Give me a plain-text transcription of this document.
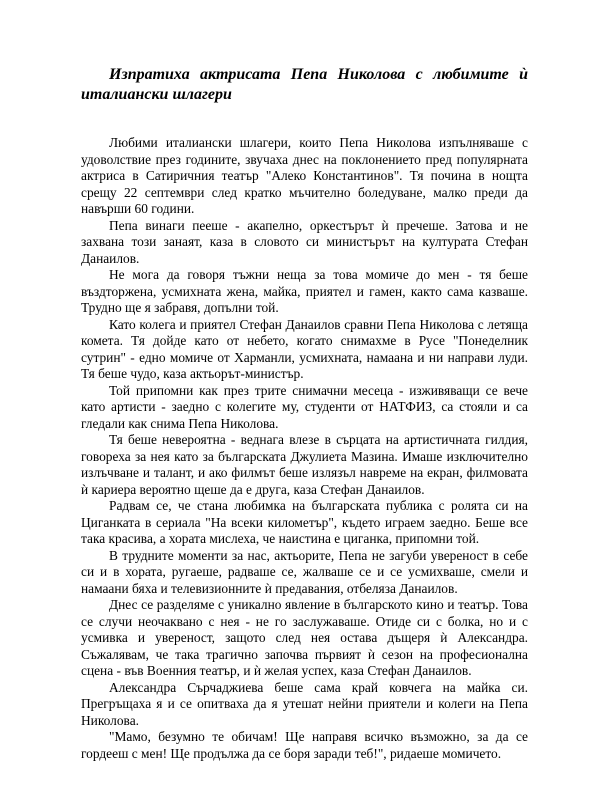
Изпратиха актрисата Пепа Николова с любимите ѝ италиански шлагери

Любими италиански шлагери, които Пепа Николова изпълняваше с удоволствие през годините, звучаха днес на поклонението пред популярната актриса в Сатиричния театър "Алеко Константинов". Тя почина в нощта срещу 22 септември след кратко мъчително боледуване, малко преди да навърши 60 години.

Пепа винаги пееше - акапелно, оркестърът ѝ пречеше. Затова и не захвана този занаят, каза в словото си министърът на културата Стефан Данаилов.

Не мога да говоря тъжни неща за това момиче до мен - тя беше въздторжена, усмихната жена, майка, приятел и гамен, както сама казваше. Трудно ще я забравя, допълни той.

Като колега и приятел Стефан Данаилов сравни Пепа Николова с летяща комета. Тя дойде като от небето, когато снимахме в Русе "Понеделник сутрин" - едно момиче от Харманли, усмихната, намаана и ни направи луди. Тя беше чудо, каза актьорът-министър.

Той припомни как през трите снимачни месеца - изживяващи се вече като артисти - заедно с колегите му, студенти от НАТФИЗ, са стояли и са гледали как снима Пепа Николова.

Тя беше невероятна - веднага влезе в сърцата на артистичната гилдия, говореха за нея като за българската Джулиета Мазина. Имаше изключително излъчване и талант, и ако филмът беше излязъл навреме на екран, филмовата ѝ кариера вероятно щеше да е друга, каза Стефан Данаилов.

Радвам се, че стана любимка на българската публика с ролята си на Циганката в сериала "На всеки километър", където играем заедно. Беше все така красива, а хората мислеха, че наистина е циганка, припомни той.

В трудните моменти за нас, актьорите, Пепа не загуби увереност в себе си и в хората, ругаеше, радваше се, жалваше се и се усмихваше, смели и намаани бяха и телевизионните ѝ предавания, отбеляза Данаилов.

Днес се разделяме с уникално явление в българското кино и театър. Това се случи неочаквано с нея - не го заслужаваше. Отиде си с болка, но и с усмивка и увереност, защото след нея остава дъщеря ѝ Александра. Съжалявам, че така трагично започва първият ѝ сезон на професионална сцена - във Военния театър, и ѝ желая успех, каза Стефан Данаилов.

Александра Сърчаджиева беше сама край ковчега на майка си. Прегръщаха я и се опитваха да я утешат нейни приятели и колеги на Пепа Николова.

"Мамо, безумно те обичам! Ще направя всичко възможно, за да се гордееш с мен! Ще продължа да се боря заради теб!", ридаеше момичето.
